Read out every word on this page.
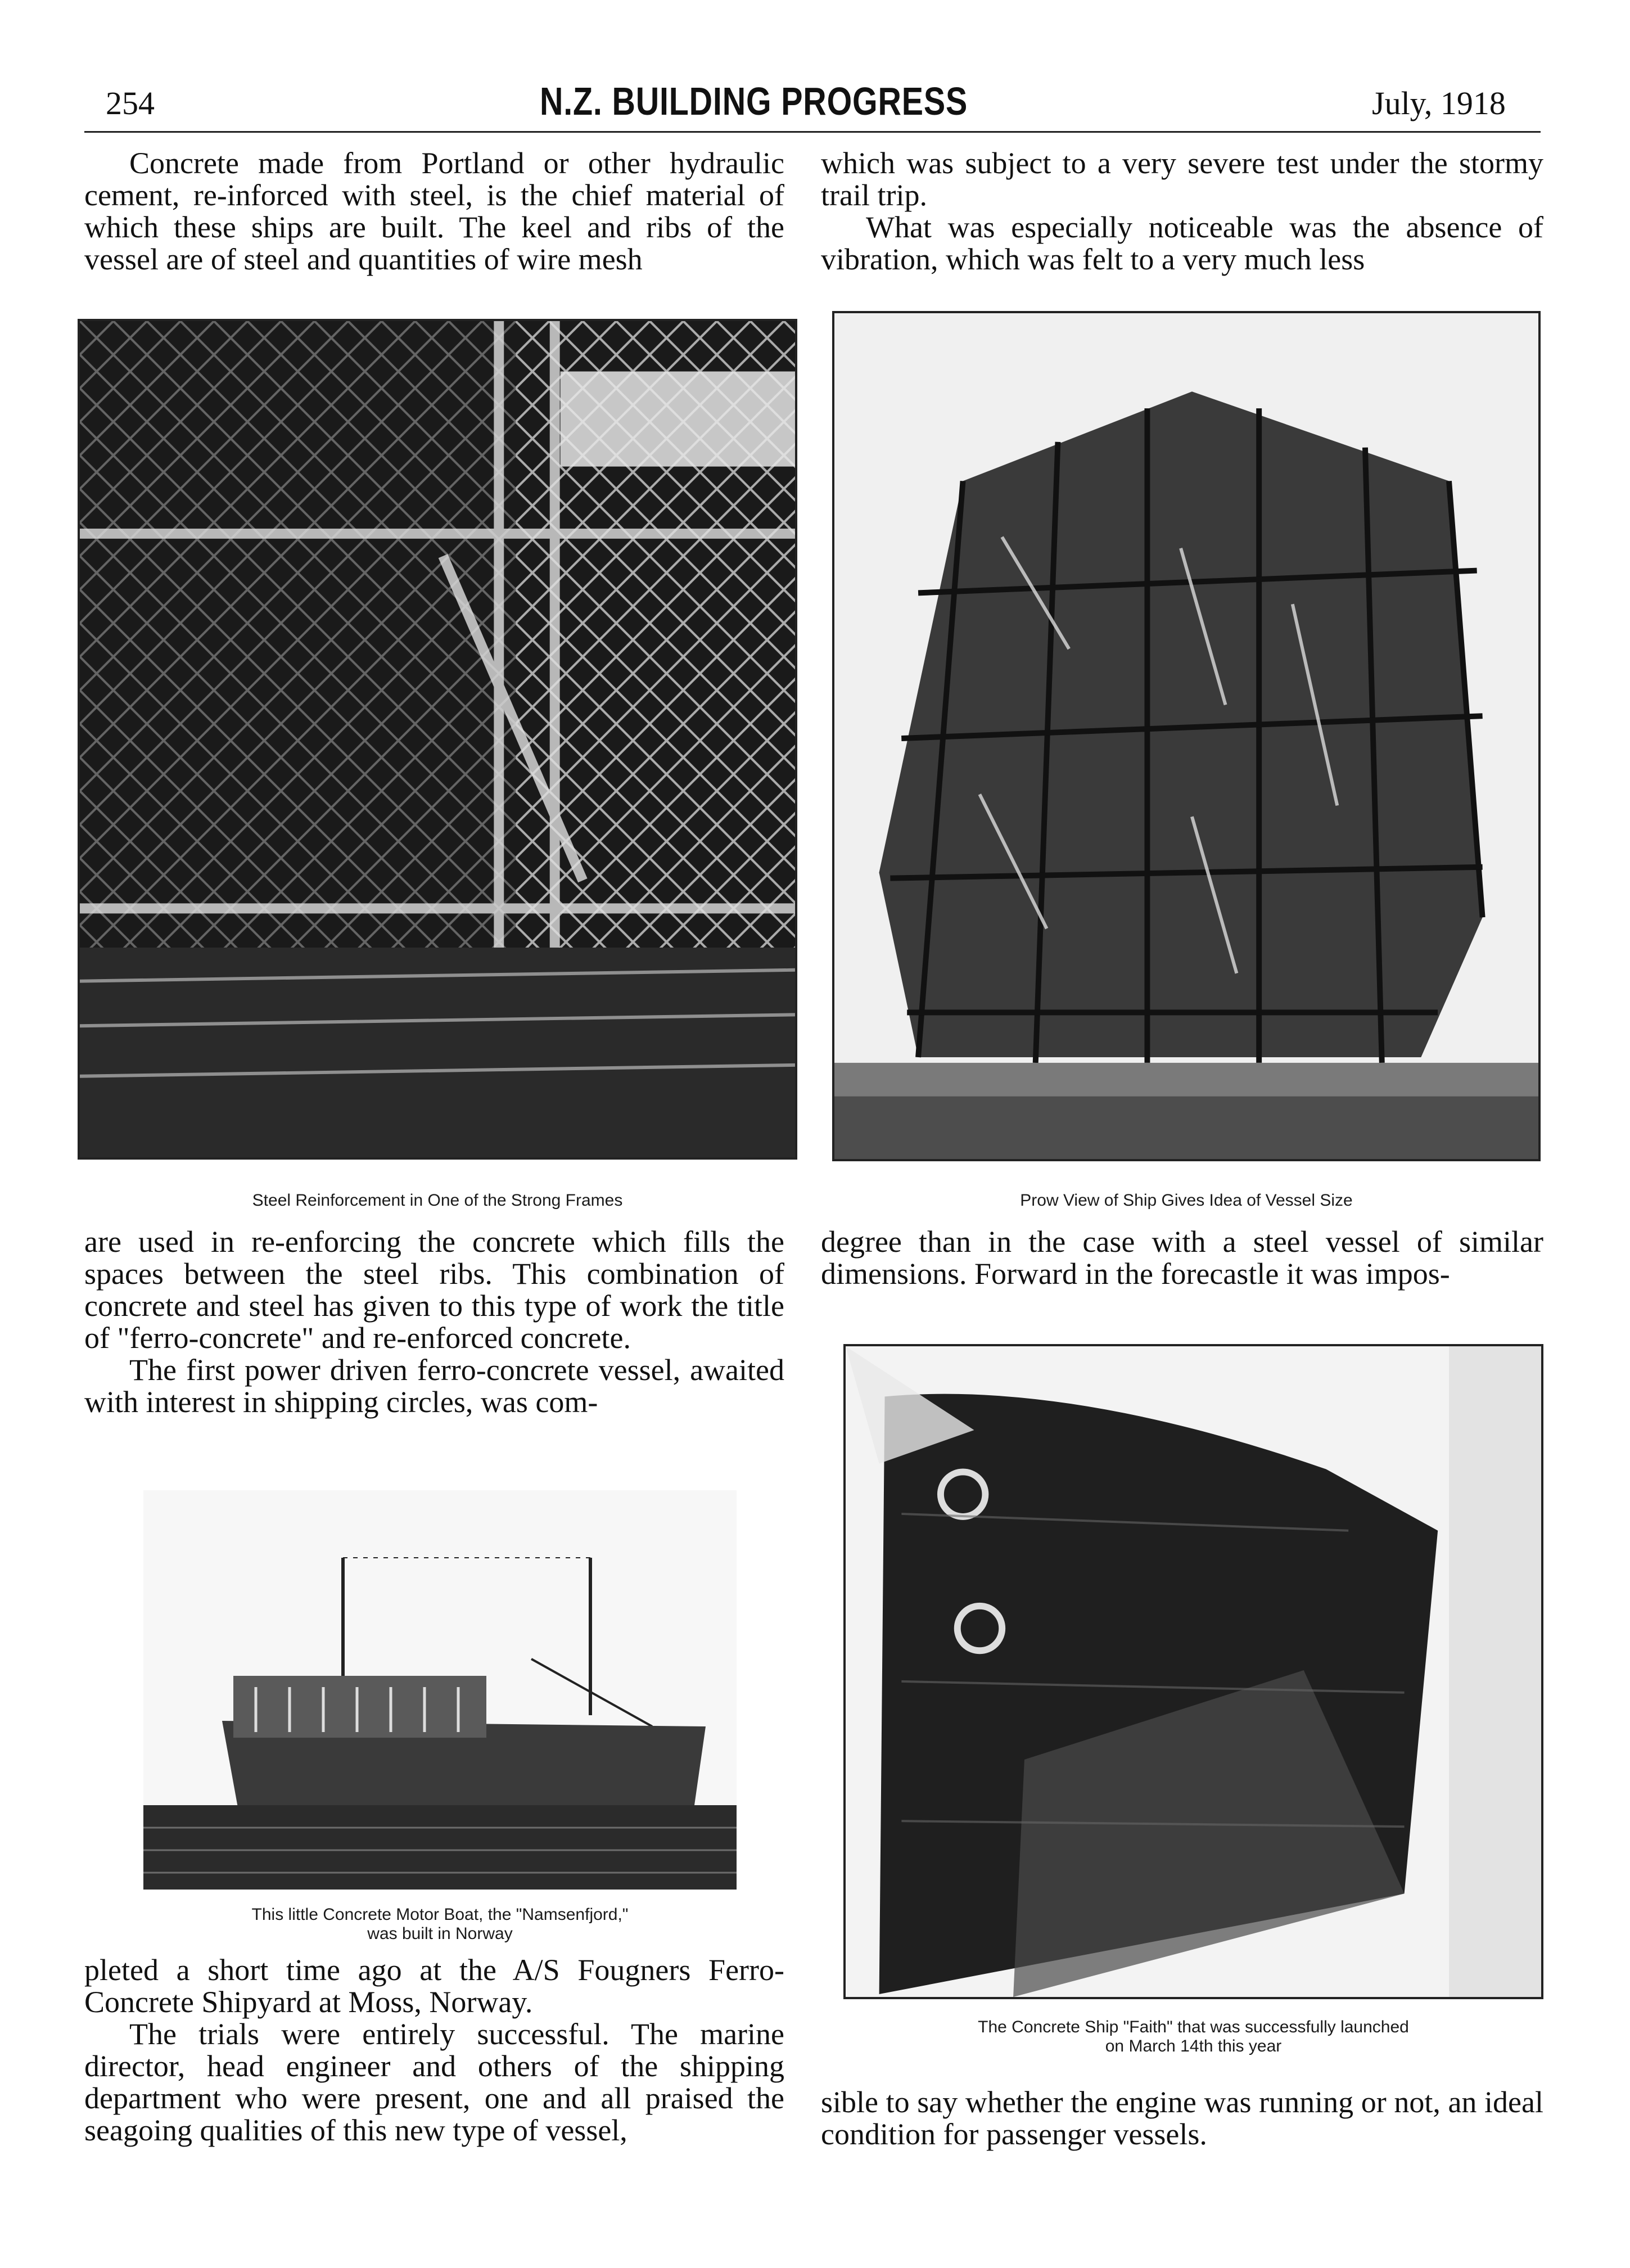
254	N.Z. BUILDING PROGRESS	July, 1918

Concrete made from Portland or other hydraulic cement, re-inforced with steel, is the chief material of which these ships are built. The keel and ribs of the vessel are of steel and quantities of wire mesh

which was subject to a very severe test under the stormy trail trip.

What was especially noticeable was the absence of vibration, which was felt to a very much less

Steel Reinforcement in One of the Strong Frames	Prow View of Ship Gives Idea of Vessel Size

are used in re-enforcing the concrete which fills the spaces between the steel ribs. This combination of concrete and steel has given to this type of work the title of "ferro-concrete" and re-enforced concrete.

The first power driven ferro-concrete vessel, awaited with interest in shipping circles, was com-

degree than in the case with a steel vessel of similar dimensions. Forward in the forecastle it was impos-

This little Concrete Motor Boat, the "Namsenfjord,"
was built in Norway
The Concrete Ship "Faith" that was successfully launched
on March 14th this year

pleted a short time ago at the A/S Fougners Ferro-Concrete Shipyard at Moss, Norway.

The trials were entirely successful. The marine director, head engineer and others of the shipping department who were present, one and all praised the seagoing qualities of this new type of vessel,

sible to say whether the engine was running or not, an ideal condition for passenger vessels.
